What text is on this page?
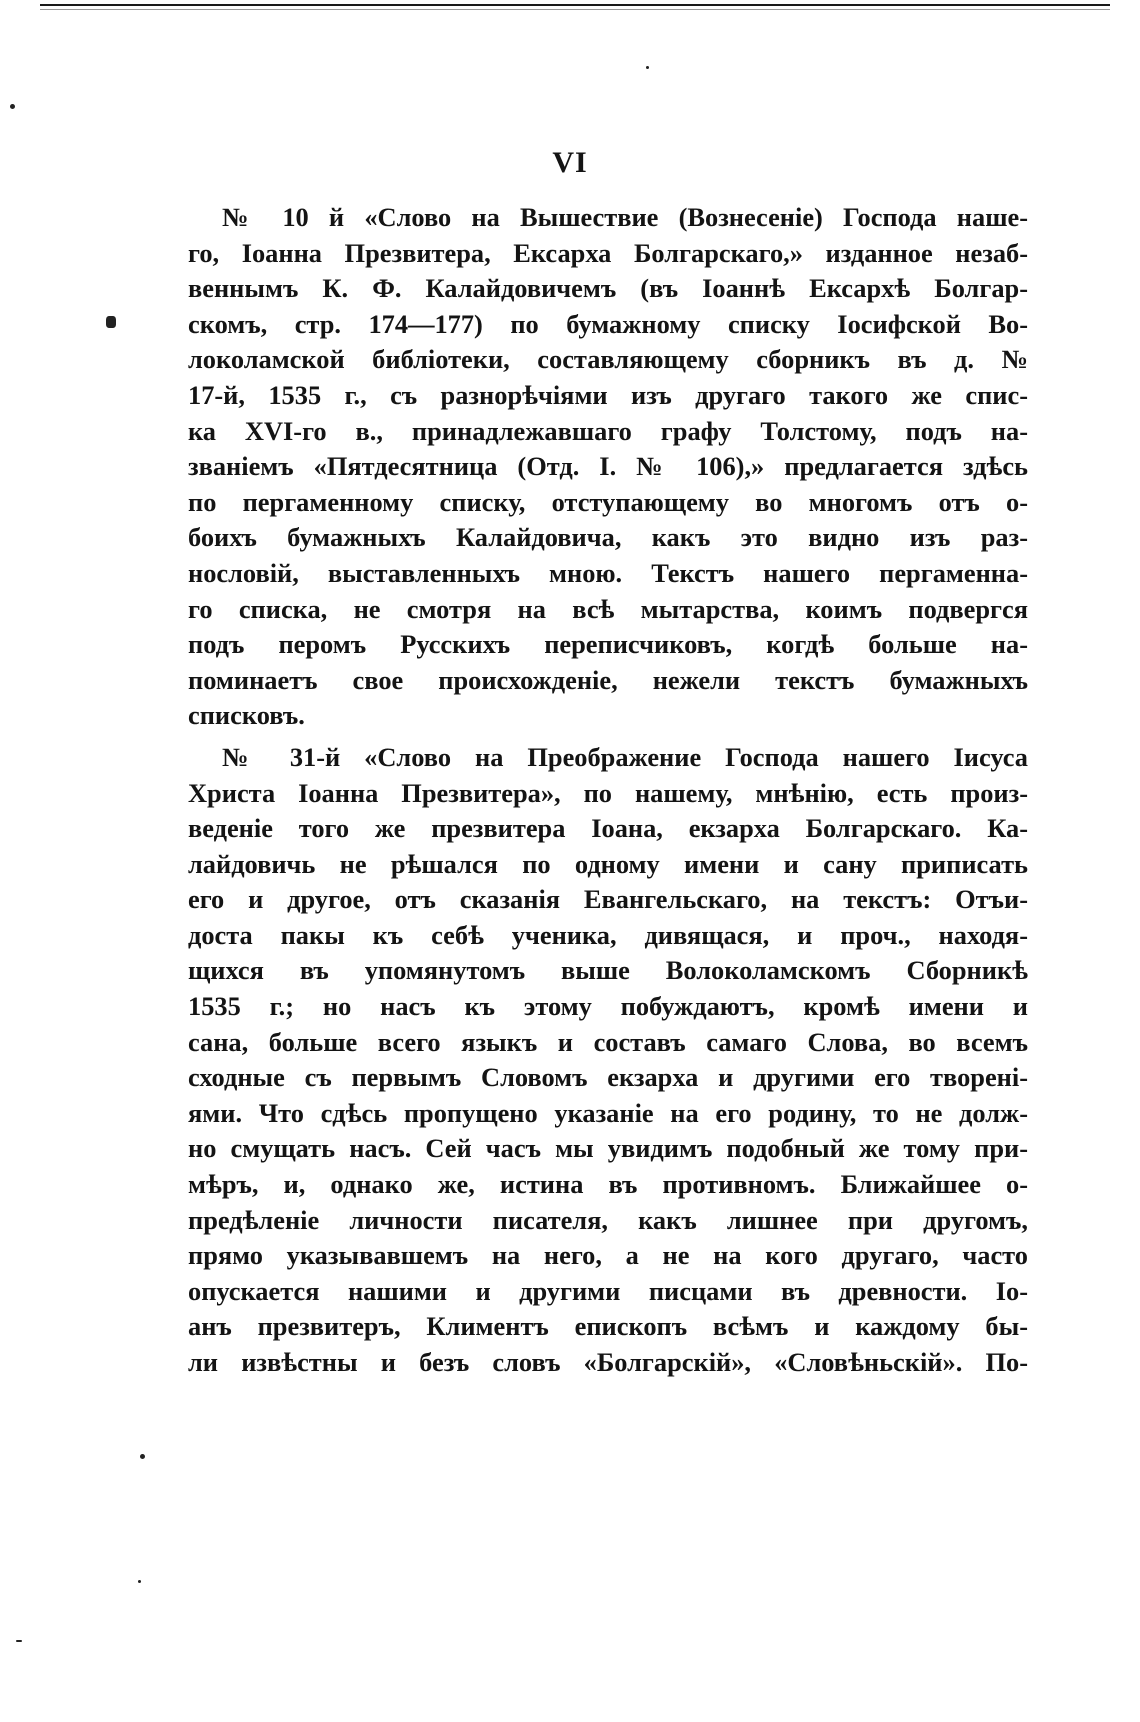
VI

№ 10 й «Слово на Вышествие (Вознесеніе) Господа наше-
го, Іоанна Презвитера, Ексарха Болгарскаго,» изданное незаб-
веннымъ К. Ф. Калайдовичемъ (въ Іоаннѣ Ексархѣ Болгар-
скомъ, стр. 174—177) по бумажному списку Іосифской Во-
локоламской библіотеки, составляющему сборникъ въ д. №
17-й, 1535 г., съ разнорѣчіями изъ другаго такого же спис-
ка XVI-го в., принадлежавшаго графу Толстому, подъ на-
званіемъ «Пятдесятница (Отд. I. № 106),» предлагается здѣсь
по пергаменному списку, отступающему во многомъ отъ о-
боихъ бумажныхъ Калайдовича, какъ это видно изъ раз-
нословій, выставленныхъ мною. Текстъ нашего пергаменна-
го списка, не смотря на всѣ мытарства, коимъ подвергся
подъ перомъ Русскихъ переписчиковъ, когдѣ больше на-
поминаетъ свое происхожденіе, нежели текстъ бумажныхъ
списковъ.

№ 31-й «Слово на Преображение Господа нашего Іисуса
Христа Іоанна Презвитера», по нашему, мнѣнію, есть произ-
веденіе того же презвитера Іоана, екзарха Болгарскаго. Ка-
лайдовичь не рѣшался по одному имени и сану приписать
его и другое, отъ сказанія Евангельскаго, на текстъ: Отъи-
доста пакы къ себѣ ученика, дивящася, и проч., находя-
щихся въ упомянутомъ выше Волоколамскомъ Сборникѣ
1535 г.; но насъ къ этому побуждаютъ, кромѣ имени и
сана, больше всего языкъ и составъ самаго Слова, во всемъ
сходные съ первымъ Словомъ екзарха и другими его творені-
ями. Что сдѣсь пропущено указаніе на его родину, то не долж-
но смущать насъ. Сей часъ мы увидимъ подобный же тому при-
мѣръ, и, однако же, истина въ противномъ. Ближайшее о-
предѣленіе личности писателя, какъ лишнее при другомъ,
прямо указывавшемъ на него, а не на кого другаго, часто
опускается нашими и другими писцами въ древности. Іо-
анъ презвитеръ, Климентъ епископъ всѣмъ и каждому бы-
ли извѣстны и безъ словъ «Болгарскій», «Словѣньскій». По-
